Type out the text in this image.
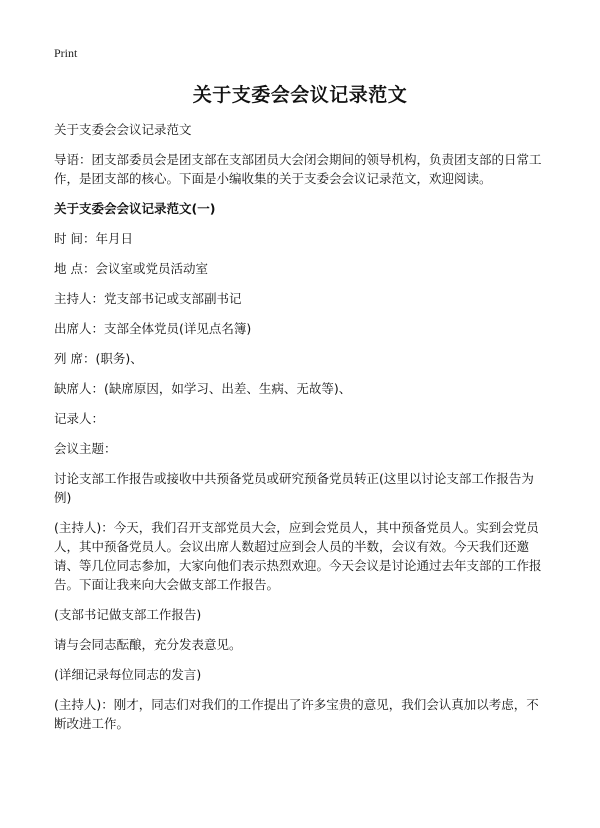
Print
关于支委会会议记录范文

关于支委会会议记录范文

导语：团支部委员会是团支部在支部团员大会闭会期间的领导机构，负责团支部的日常工作，是团支部的核心。下面是小编收集的关于支委会会议记录范文，欢迎阅读。

关于支委会会议记录范文(一)

时 间：年月日

地 点：会议室或党员活动室

主持人：党支部书记或支部副书记

出席人：支部全体党员(详见点名簿)

列 席：(职务)、

缺席人：(缺席原因，如学习、出差、生病、无故等)、

记录人：

会议主题：

讨论支部工作报告或接收中共预备党员或研究预备党员转正(这里以讨论支部工作报告为例)

(主持人)：今天，我们召开支部党员大会，应到会党员人，其中预备党员人。实到会党员人，其中预备党员人。会议出席人数超过应到会人员的半数，会议有效。今天我们还邀请、等几位同志参加，大家向他们表示热烈欢迎。今天会议是讨论通过去年支部的工作报告。下面让我来向大会做支部工作报告。

(支部书记做支部工作报告)

请与会同志酝酿，充分发表意见。

(详细记录每位同志的发言)

(主持人)：刚才，同志们对我们的工作提出了许多宝贵的意见，我们会认真加以考虑，不断改进工作。
